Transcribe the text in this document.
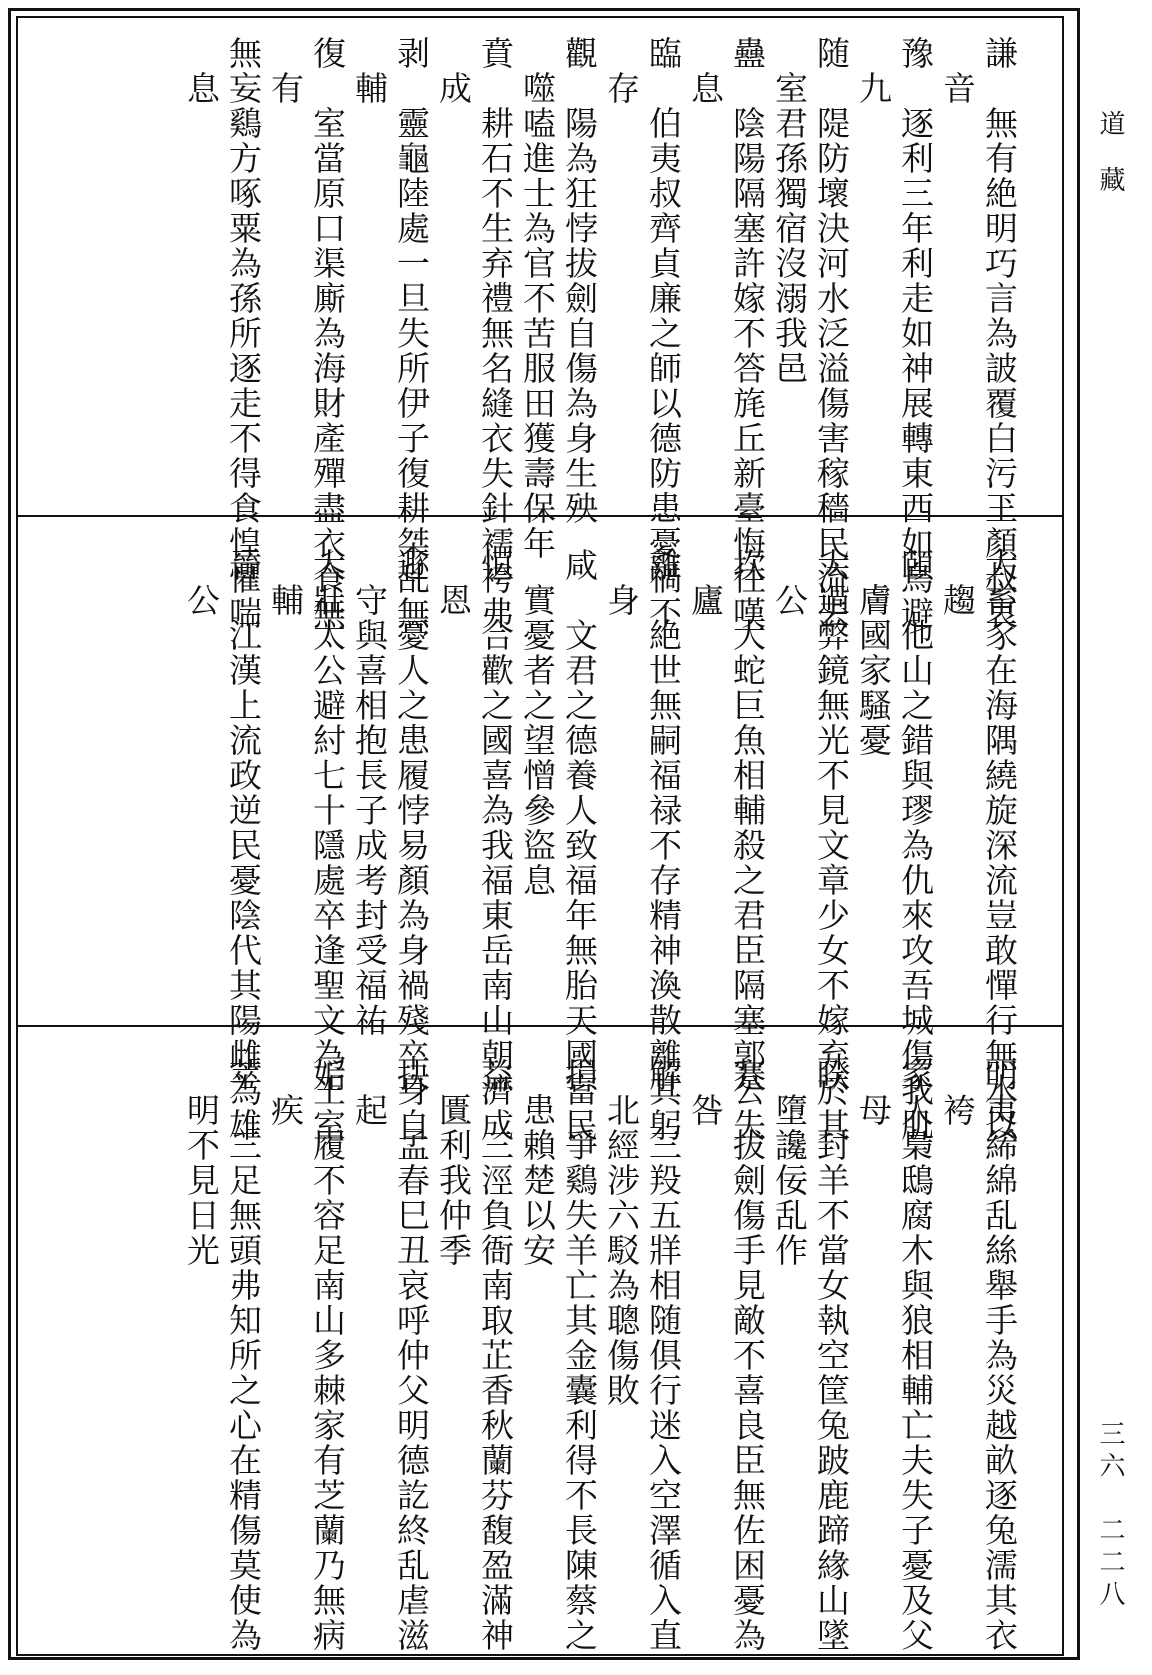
道藏
三六　二二八
謙　無有絶明巧言為詖覆白污玊顏叔哀
　音
豫　逐利三年利走如神展轉東西如鳥避
　九
随　隄防壞決河水泛溢傷害稼穡民流去
　室君孫獨宿沒溺我邑
蠱　陰陽隔塞許嫁不答旄丘新臺悔往嘆
　息
臨　伯夷叔齊貞廉之師以德防患憂禍不
　存
觀　陽為狂悖拔劍自傷為身生殃
　噬嗑進士為官不苦服田獲壽保年
賁　耕石不生弃禮無名縫衣失針襦袴弗
　成
剥　靈龜陸處一旦失所伊子復耕桀乱無
　輔
復　室當原口渠廝為海財產殫盡衣食無
　有
無妄鷄方啄粟為孫所逐走不得食惶懼喘
　息
大畜豕在海隅繞旋深流豈敢憚行無水以
　趨
頤　他山之錯與璆為仇來攻吾城傷我肌
　膚國家騷憂
大過弊鏡無光不見文章少女不嫁弃於其
　公
坎　大蛇巨魚相輔殺之君臣隔塞郭公失
　廬
離　絶世無嗣福禄不存精神渙散離其躬
　身
咸　文君之德養人致福年無胎天國富民
　實憂者之望憎參盜息
恒　合歡之國喜為我福東岳南山朝濟成
　恩
遯　憂人之患履悖易顏為身禍殘卒身自
　守與喜相抱長子成考封受福祐
大壯太公避紂七十隱處卒逢聖文為王室
　輔
晉　江漢上流政逆民憂陰代其陽雌為雄
　公
明夷絺綿乱絲舉手為災越畝逐兔濡其衣
　袴
家人梟鴟腐木與狼相輔亡夫失子憂及父
　母
睽　封羊不當女執空筐兔跛鹿蹄緣山墜
　墮讒佞乱作
蹇　拔劍傷手見敵不喜良臣無佐困憂為
　咎
解　三羖五牂相随俱行迷入空澤循入直
　北經涉六駁為聰傷敗
損　爭鷄失羊亡其金囊利得不長陳蔡之
　患賴楚以安
益　三涇負衙南取芷香秋蘭芬馥盈滿神
　匱利我仲季
抉　孟春巳丑哀呼仲父明德訖終乱虐滋
　起
姤　履不容足南山多棘家有芝蘭乃無病
　疾
萃　三足無頭弗知所之心在精傷莫使為
　明不見日光
